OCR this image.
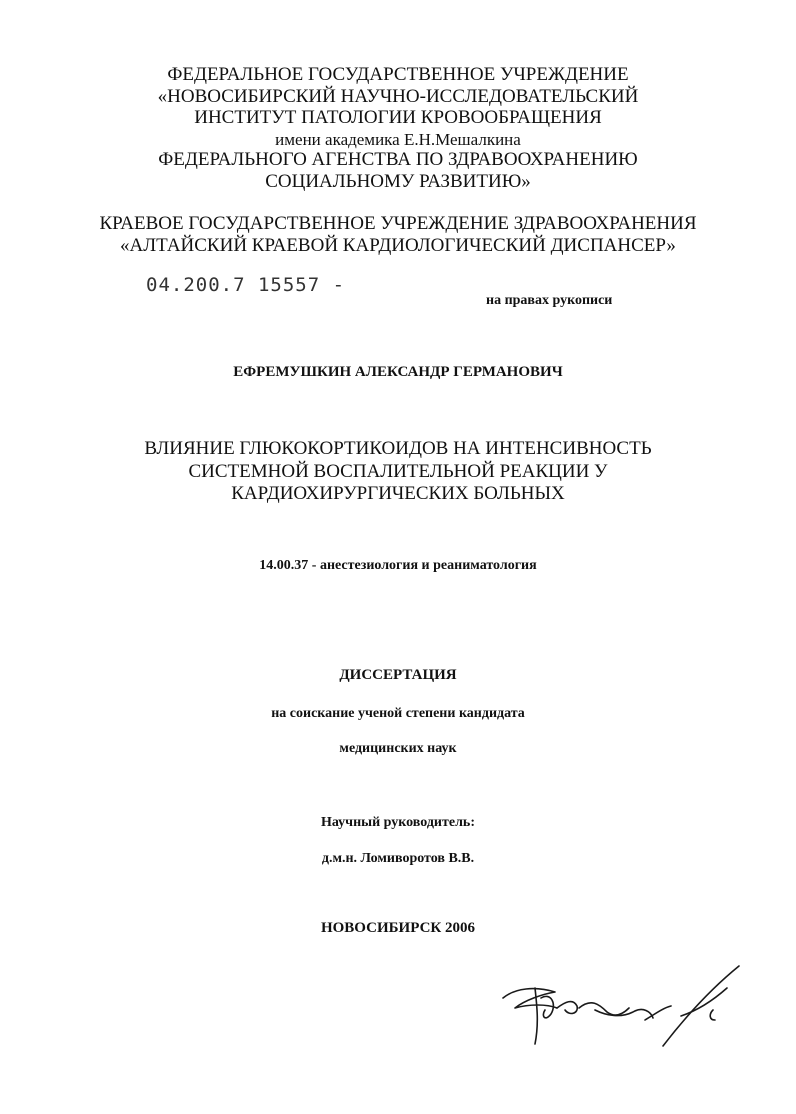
ФЕДЕРАЛЬНОЕ ГОСУДАРСТВЕННОЕ УЧРЕЖДЕНИЕ
«НОВОСИБИРСКИЙ НАУЧНО-ИССЛЕДОВАТЕЛЬСКИЙ
ИНСТИТУТ ПАТОЛОГИИ КРОВООБРАЩЕНИЯ
имени академика Е.Н.Мешалкина
ФЕДЕРАЛЬНОГО АГЕНСТВА ПО ЗДРАВООХРАНЕНИЮ
СОЦИАЛЬНОМУ РАЗВИТИЮ»
КРАЕВОЕ ГОСУДАРСТВЕННОЕ УЧРЕЖДЕНИЕ ЗДРАВООХРАНЕНИЯ
«АЛТАЙСКИЙ КРАЕВОЙ КАРДИОЛОГИЧЕСКИЙ ДИСПАНСЕР»
04.200.7 15557 -
на правах рукописи
ЕФРЕМУШКИН АЛЕКСАНДР ГЕРМАНОВИЧ
ВЛИЯНИЕ ГЛЮКОКОРТИКОИДОВ НА ИНТЕНСИВНОСТЬ
СИСТЕМНОЙ ВОСПАЛИТЕЛЬНОЙ РЕАКЦИИ У
КАРДИОХИРУРГИЧЕСКИХ БОЛЬНЫХ
14.00.37 - анестезиология и реаниматология
ДИССЕРТАЦИЯ
на соискание ученой степени кандидата
медицинских наук
Научный руководитель:
д.м.н. Ломиворотов В.В.
НОВОСИБИРСК 2006
